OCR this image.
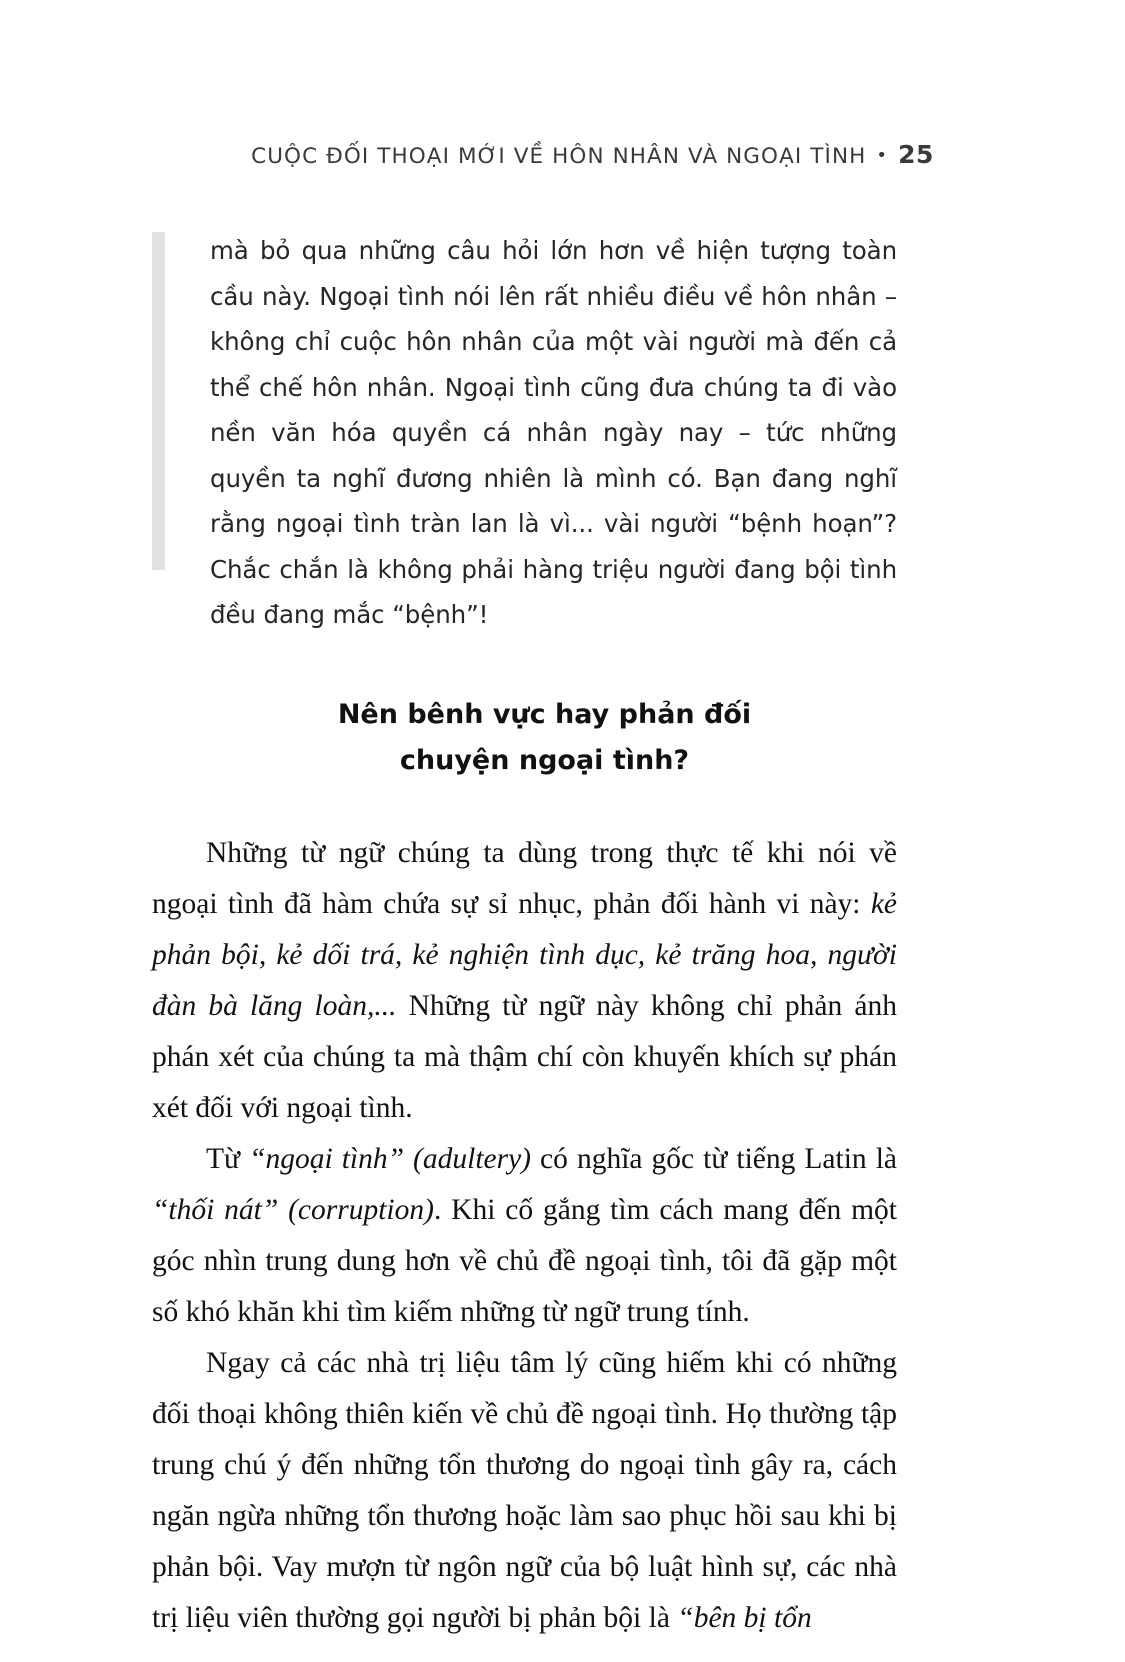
CUỘC ĐỐI THOẠI MỚI VỀ HÔN NHÂN VÀ NGOẠI TÌNH • 25

mà bỏ qua những câu hỏi lớn hơn về hiện tượng toàn cầu này. Ngoại tình nói lên rất nhiều điều về hôn nhân – không chỉ cuộc hôn nhân của một vài người mà đến cả thể chế hôn nhân. Ngoại tình cũng đưa chúng ta đi vào nền văn hóa quyền cá nhân ngày nay – tức những quyền ta nghĩ đương nhiên là mình có. Bạn đang nghĩ rằng ngoại tình tràn lan là vì... vài người “bệnh hoạn”? Chắc chắn là không phải hàng triệu người đang bội tình đều đang mắc “bệnh”!

Nên bênh vực hay phản đối
chuyện ngoại tình?

Những từ ngữ chúng ta dùng trong thực tế khi nói về ngoại tình đã hàm chứa sự sỉ nhục, phản đối hành vi này: kẻ phản bội, kẻ dối trá, kẻ nghiện tình dục, kẻ trăng hoa, người đàn bà lăng loàn,... Những từ ngữ này không chỉ phản ánh phán xét của chúng ta mà thậm chí còn khuyến khích sự phán xét đối với ngoại tình.

Từ “ngoại tình” (adultery) có nghĩa gốc từ tiếng Latin là “thối nát” (corruption). Khi cố gắng tìm cách mang đến một góc nhìn trung dung hơn về chủ đề ngoại tình, tôi đã gặp một số khó khăn khi tìm kiếm những từ ngữ trung tính.

Ngay cả các nhà trị liệu tâm lý cũng hiếm khi có những đối thoại không thiên kiến về chủ đề ngoại tình. Họ thường tập trung chú ý đến những tổn thương do ngoại tình gây ra, cách ngăn ngừa những tổn thương hoặc làm sao phục hồi sau khi bị phản bội. Vay mượn từ ngôn ngữ của bộ luật hình sự, các nhà trị liệu viên thường gọi người bị phản bội là “bên bị tổn
